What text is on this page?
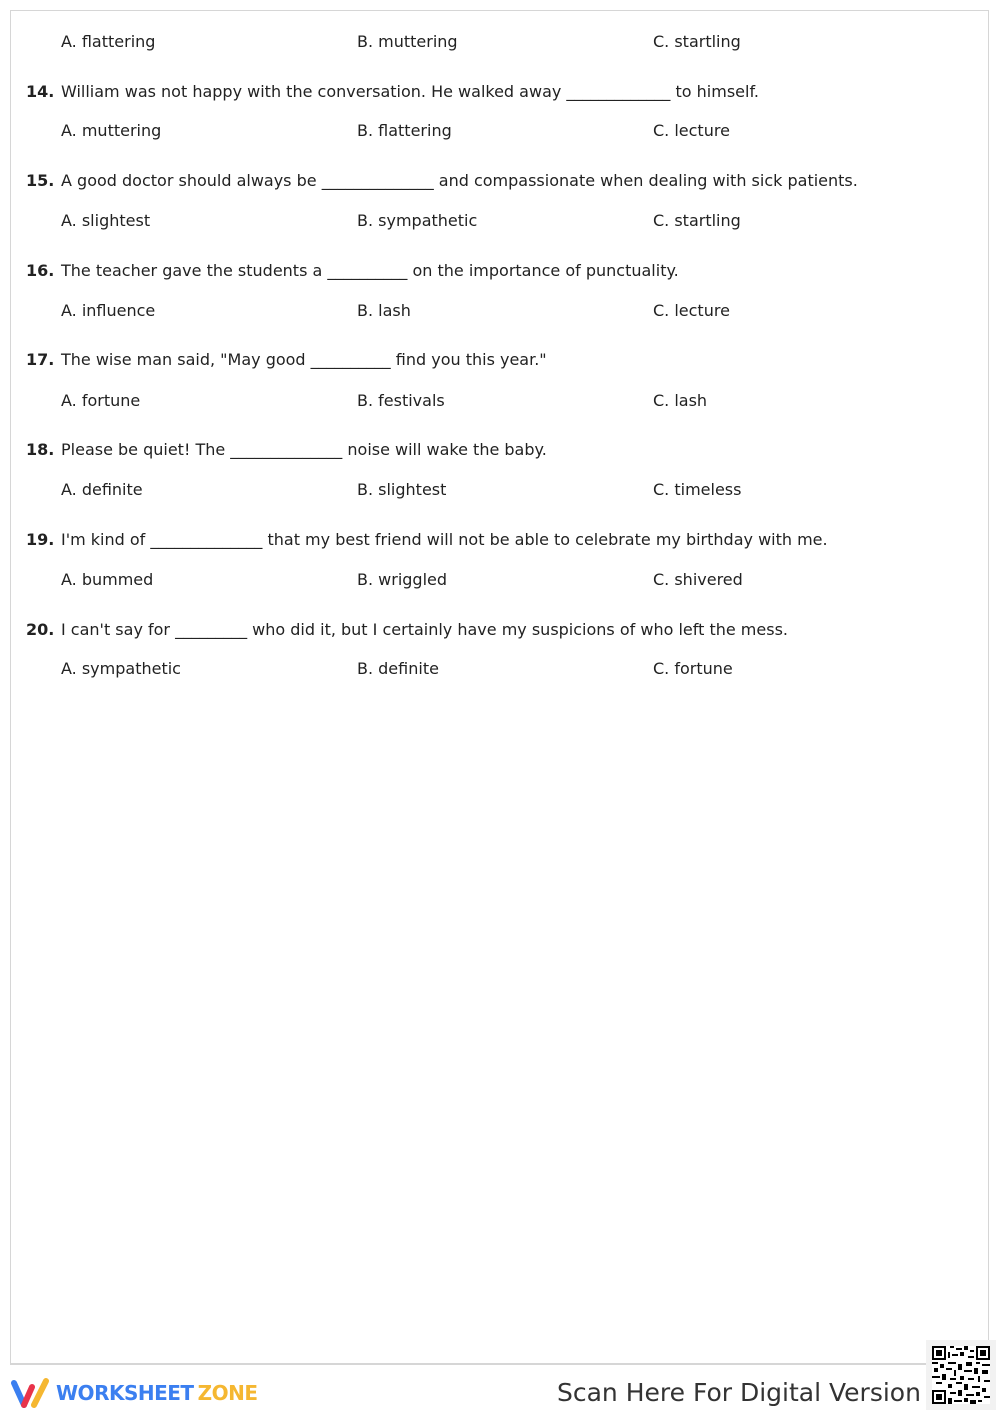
A. flattering	B. muttering	C. startling
14. William was not happy with the conversation. He walked away _____________ to himself.
A. muttering	B. flattering	C. lecture
15. A good doctor should always be ______________ and compassionate when dealing with sick patients.
A. slightest	B. sympathetic	C. startling
16. The teacher gave the students a __________ on the importance of punctuality.
A. influence	B. lash	C. lecture
17. The wise man said, "May good __________ find you this year."
A. fortune	B. festivals	C. lash
18. Please be quiet! The ______________ noise will wake the baby.
A. definite	B. slightest	C. timeless
19. I'm kind of ______________ that my best friend will not be able to celebrate my birthday with me.
A. bummed	B. wriggled	C. shivered
20. I can't say for _________ who did it, but I certainly have my suspicions of who left the mess.
A. sympathetic	B. definite	C. fortune
WORKSHEET ZONE	Scan Here For Digital Version
